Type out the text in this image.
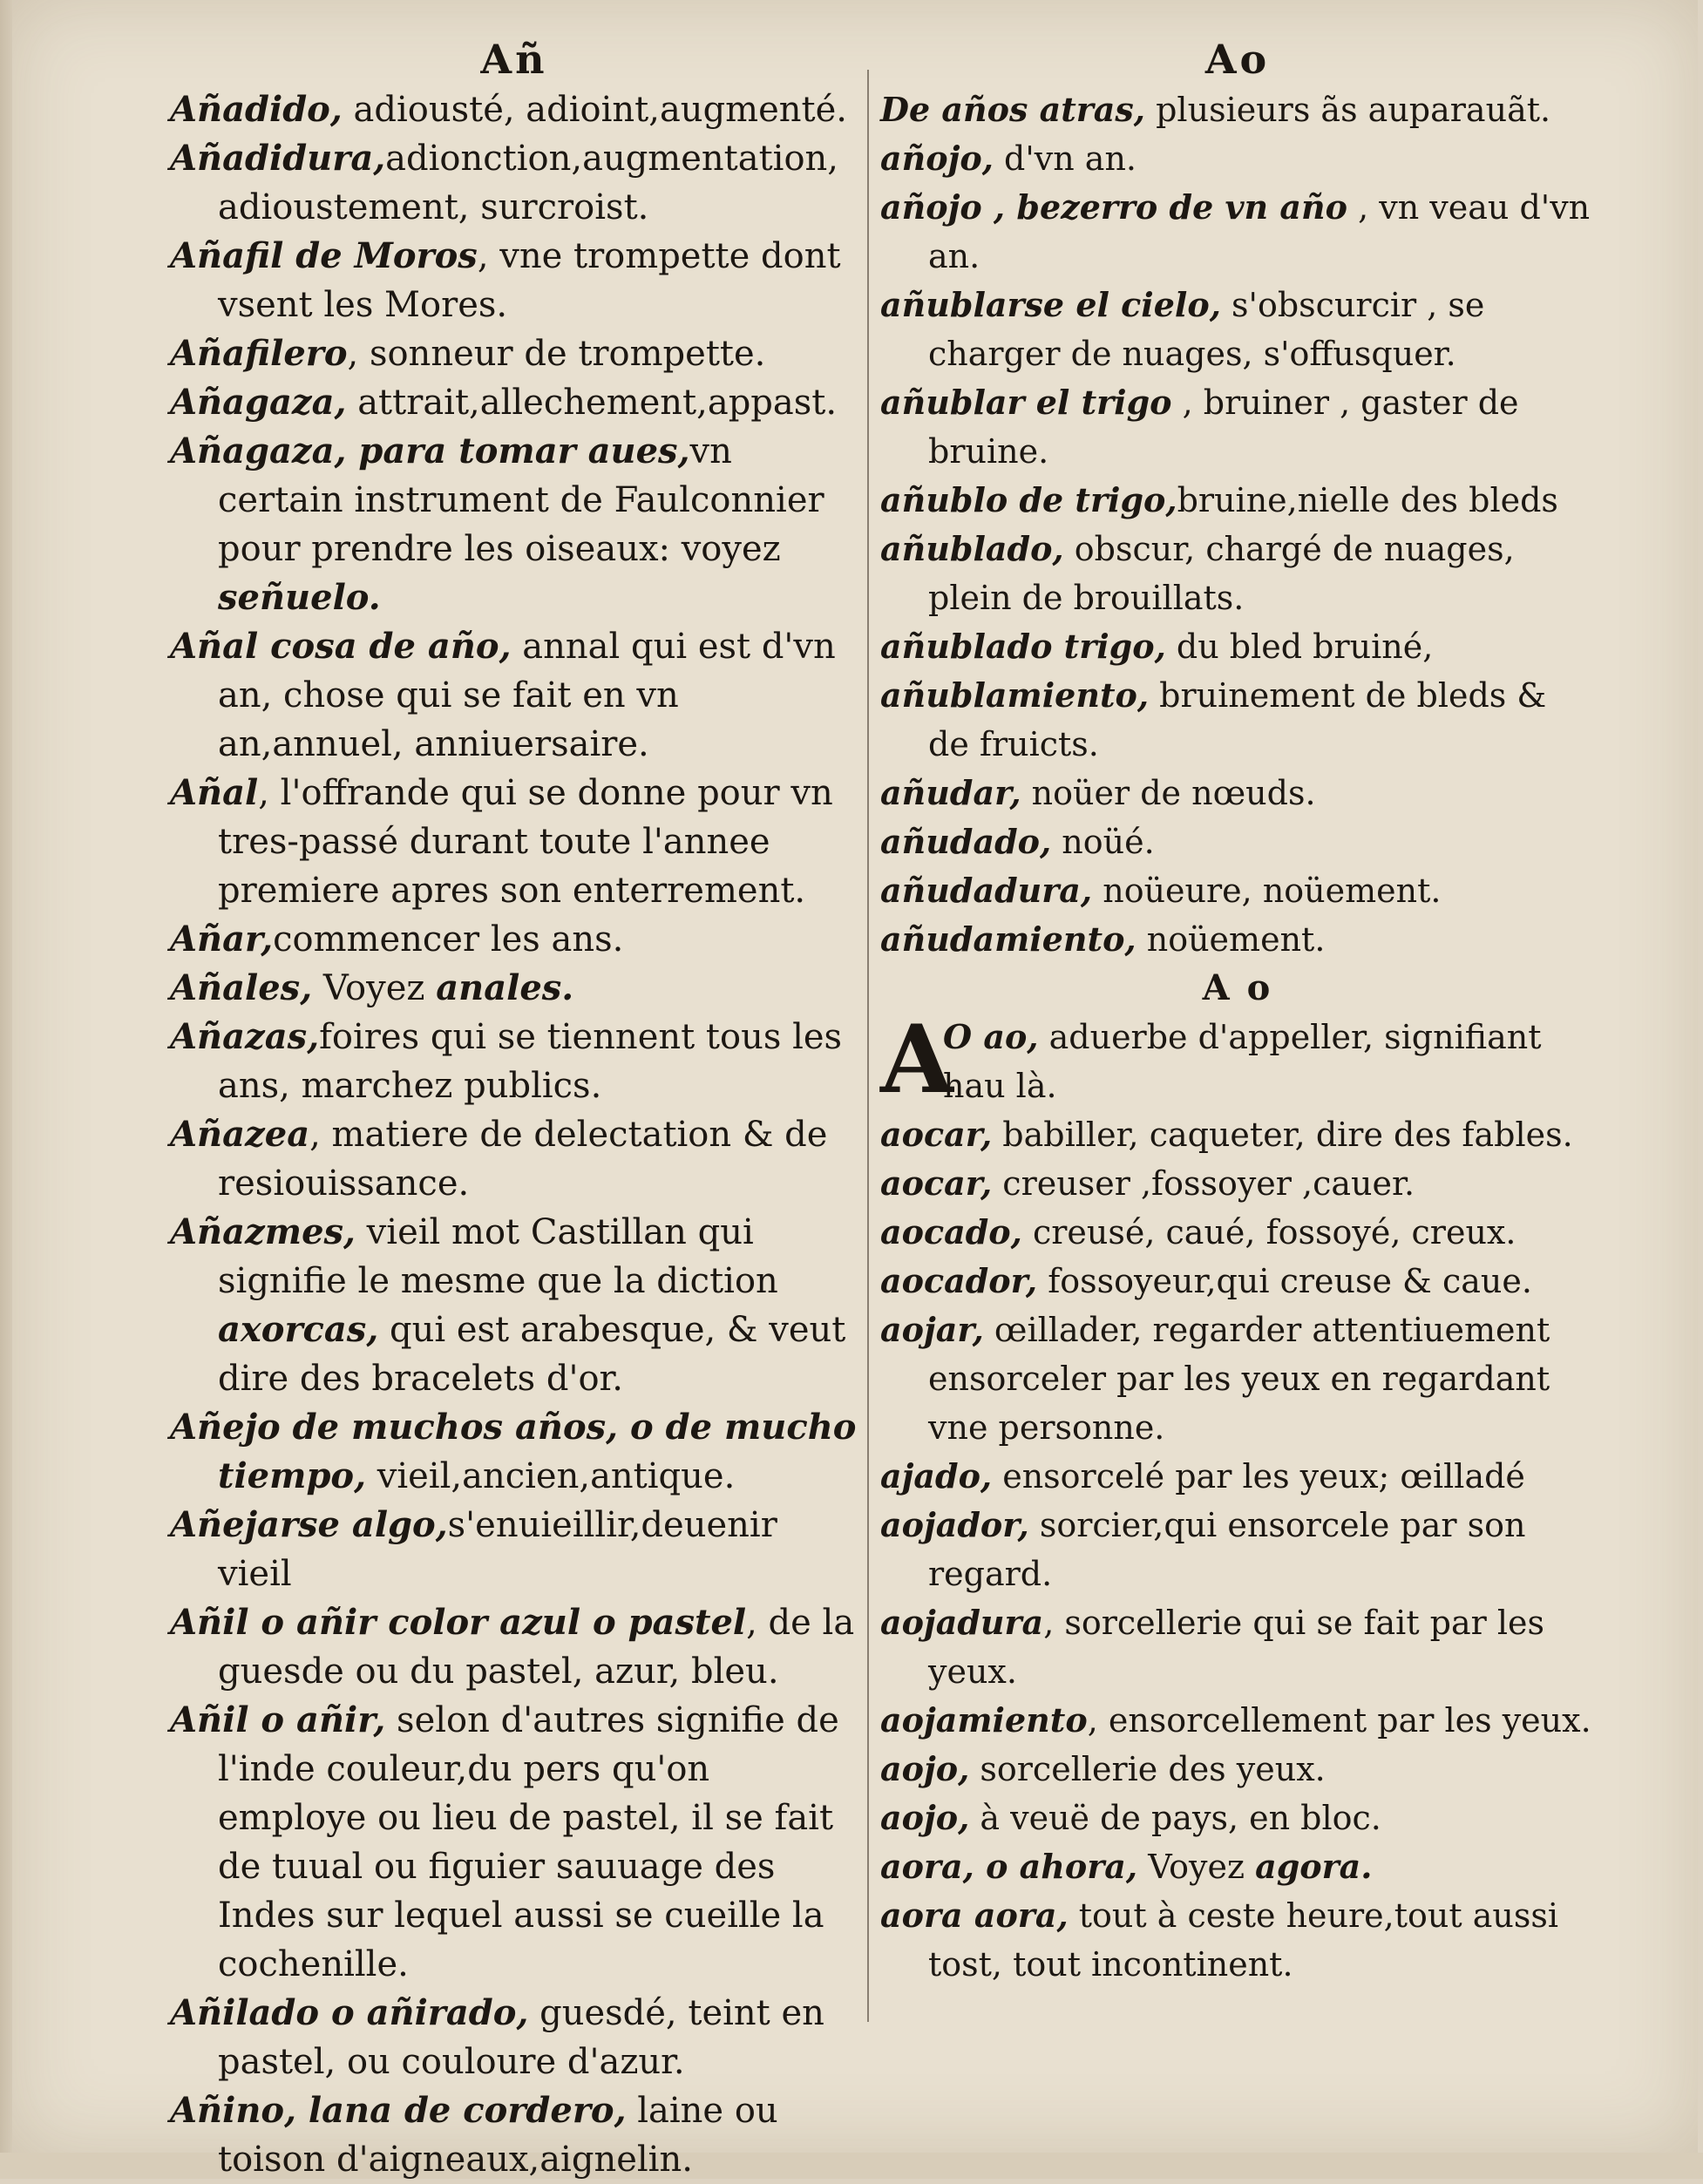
Añ
Añadido, adiousté, adioint,augmenté.
Añadidura,adionction,augmentation, adioustement, surcroist.
Añafil de Moros, vne trompette dont vsent les Mores.
Añafilero, sonneur de trompette.
Añagaza, attrait,allechement,appast.
Añagaza, para tomar aues,vn certain instrument de Faulconnier pour prendre les oiseaux: voyez señuelo.
Añal cosa de año, annal qui est d'vn an, chose qui se fait en vn an,annuel, anniuersaire.
Añal, l'offrande qui se donne pour vn tres-passé durant toute l'annee premiere apres son enterrement.
Añar,commencer les ans.
Añales, Voyez anales.
Añazas,foires qui se tiennent tous les ans, marchez publics.
Añazea, matiere de delectation & de resiouissance.
Añazmes, vieil mot Castillan qui signifie le mesme que la diction axorcas, qui est arabesque, & veut dire des bracelets d'or.
Añejo de muchos años, o de mucho tiempo, vieil,ancien,antique.
Añejarse algo,s'enuieillir,deuenir vieil
Añil o añir color azul o pastel, de la guesde ou du pastel, azur, bleu.
Añil o añir, selon d'autres signifie de l'inde couleur,du pers qu'on employe ou lieu de pastel, il se fait de tuual ou figuier sauuage des Indes sur lequel aussi se cueille la cochenille.
Añilado o añirado, guesdé, teint en pastel, ou couloure d'azur.
Añino, lana de cordero, laine ou toison d'aigneaux,aignelin.
Ao
De años atras, plusieurs ãs auparauãt.
añojo, d'vn an.
añojo , bezerro de vn año , vn veau d'vn an.
añublarse el cielo, s'obscurcir , se charger de nuages, s'offusquer.
añublar el trigo , bruiner , gaster de bruine.
añublo de trigo,bruine,nielle des bleds
añublado, obscur, chargé de nuages, plein de brouillats.
añublado trigo, du bled bruiné,
añublamiento, bruinement de bleds & de fruicts.
añudar, noüer de nœuds.
añudado, noüé.
añudadura, noüeure, noüement.
añudamiento, noüement.
A o
A
O ao, aduerbe d'appeller, signifiant hau là.
aocar, babiller, caqueter, dire des fables.
aocar, creuser ,fossoyer ,cauer.
aocado, creusé, caué, fossoyé, creux.
aocador, fossoyeur,qui creuse & caue.
aojar, œillader, regarder attentiuement ensorceler par les yeux en regardant vne personne.
ajado, ensorcelé par les yeux; œilladé
aojador, sorcier,qui ensorcele par son regard.
aojadura, sorcellerie qui se fait par les yeux.
aojamiento, ensorcellement par les yeux.
aojo, sorcellerie des yeux.
aojo, à veuë de pays, en bloc.
aora, o ahora, Voyez agora.
aora aora, tout à ceste heure,tout aussi tost, tout incontinent.
